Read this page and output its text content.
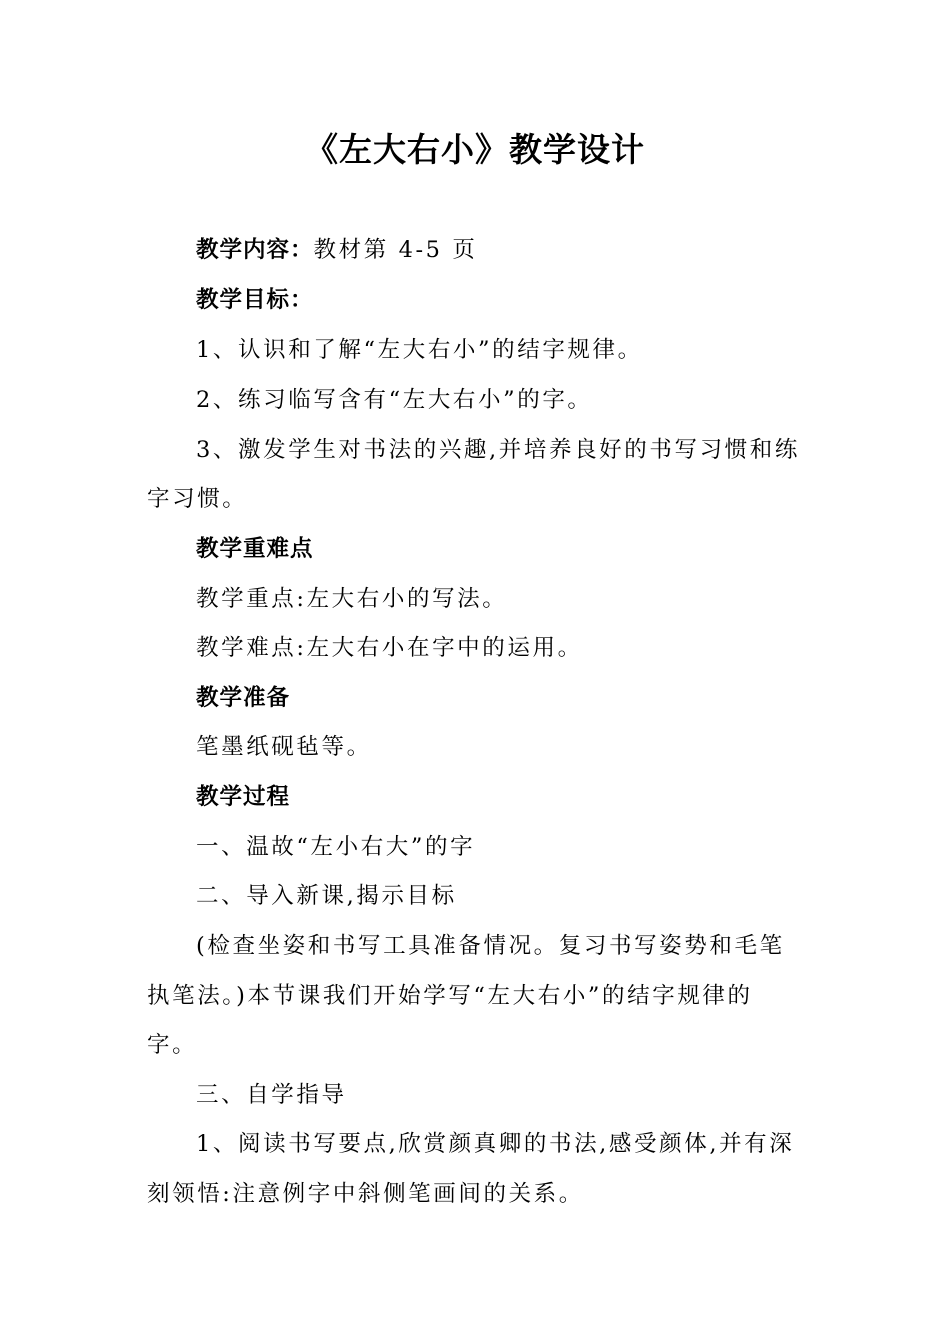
《左大右小》教学设计
教学内容：教材第 4-5 页
教学目标：
1、认识和了解“左大右小”的结字规律。
2、练习临写含有“左大右小”的字。
3、激发学生对书法的兴趣,并培养良好的书写习惯和练
字习惯。
教学重难点
教学重点:左大右小的写法。
教学难点:左大右小在字中的运用。
教学准备
笔墨纸砚毡等。
教学过程
一、温故“左小右大”的字
二、导入新课,揭示目标
(检查坐姿和书写工具准备情况。复习书写姿势和毛笔
执笔法。)本节课我们开始学写“左大右小”的结字规律的
字。
三、自学指导
1、阅读书写要点,欣赏颜真卿的书法,感受颜体,并有深
刻领悟:注意例字中斜侧笔画间的关系。
